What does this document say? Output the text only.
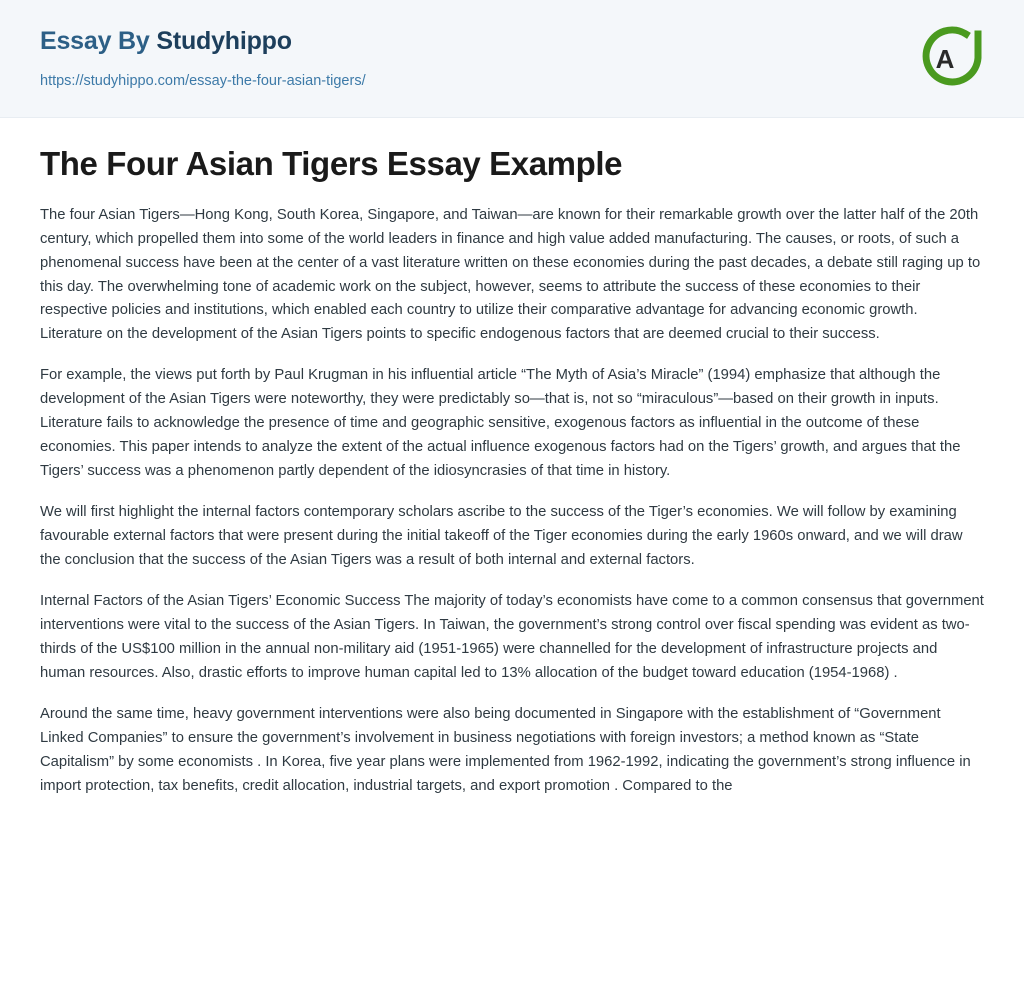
Essay By Studyhippo
https://studyhippo.com/essay-the-four-asian-tigers/
A
The Four Asian Tigers Essay Example

The four Asian Tigers—Hong Kong, South Korea, Singapore, and Taiwan—are known for their remarkable growth over the latter half of the 20th century, which propelled them into some of the world leaders in finance and high value added manufacturing. The causes, or roots, of such a phenomenal success have been at the center of a vast literature written on these economies during the past decades, a debate still raging up to this day. The overwhelming tone of academic work on the subject, however, seems to attribute the success of these economies to their respective policies and institutions, which enabled each country to utilize their comparative advantage for advancing economic growth. Literature on the development of the Asian Tigers points to specific endogenous factors that are deemed crucial to their success.

For example, the views put forth by Paul Krugman in his influential article “The Myth of Asia’s Miracle” (1994) emphasize that although the development of the Asian Tigers were noteworthy, they were predictably so—that is, not so “miraculous”—based on their growth in inputs. Literature fails to acknowledge the presence of time and geographic sensitive, exogenous factors as influential in the outcome of these economies. This paper intends to analyze the extent of the actual influence exogenous factors had on the Tigers’ growth, and argues that the Tigers’ success was a phenomenon partly dependent of the idiosyncrasies of that time in history.

We will first highlight the internal factors contemporary scholars ascribe to the success of the Tiger’s economies. We will follow by examining favourable external factors that were present during the initial takeoff of the Tiger economies during the early 1960s onward, and we will draw the conclusion that the success of the Asian Tigers was a result of both internal and external factors.

Internal Factors of the Asian Tigers’ Economic Success The majority of today’s economists have come to a common consensus that government interventions were vital to the success of the Asian Tigers. In Taiwan, the government’s strong control over fiscal spending was evident as two-thirds of the US$100 million in the annual non-military aid (1951-1965) were channelled for the development of infrastructure projects and human resources. Also, drastic efforts to improve human capital led to 13% allocation of the budget toward education (1954-1968) .

Around the same time, heavy government interventions were also being documented in Singapore with the establishment of “Government Linked Companies” to ensure the government’s involvement in business negotiations with foreign investors; a method known as “State Capitalism” by some economists . In Korea, five year plans were implemented from 1962-1992, indicating the government’s strong influence in import protection, tax benefits, credit allocation, industrial targets, and export promotion . Compared to the
